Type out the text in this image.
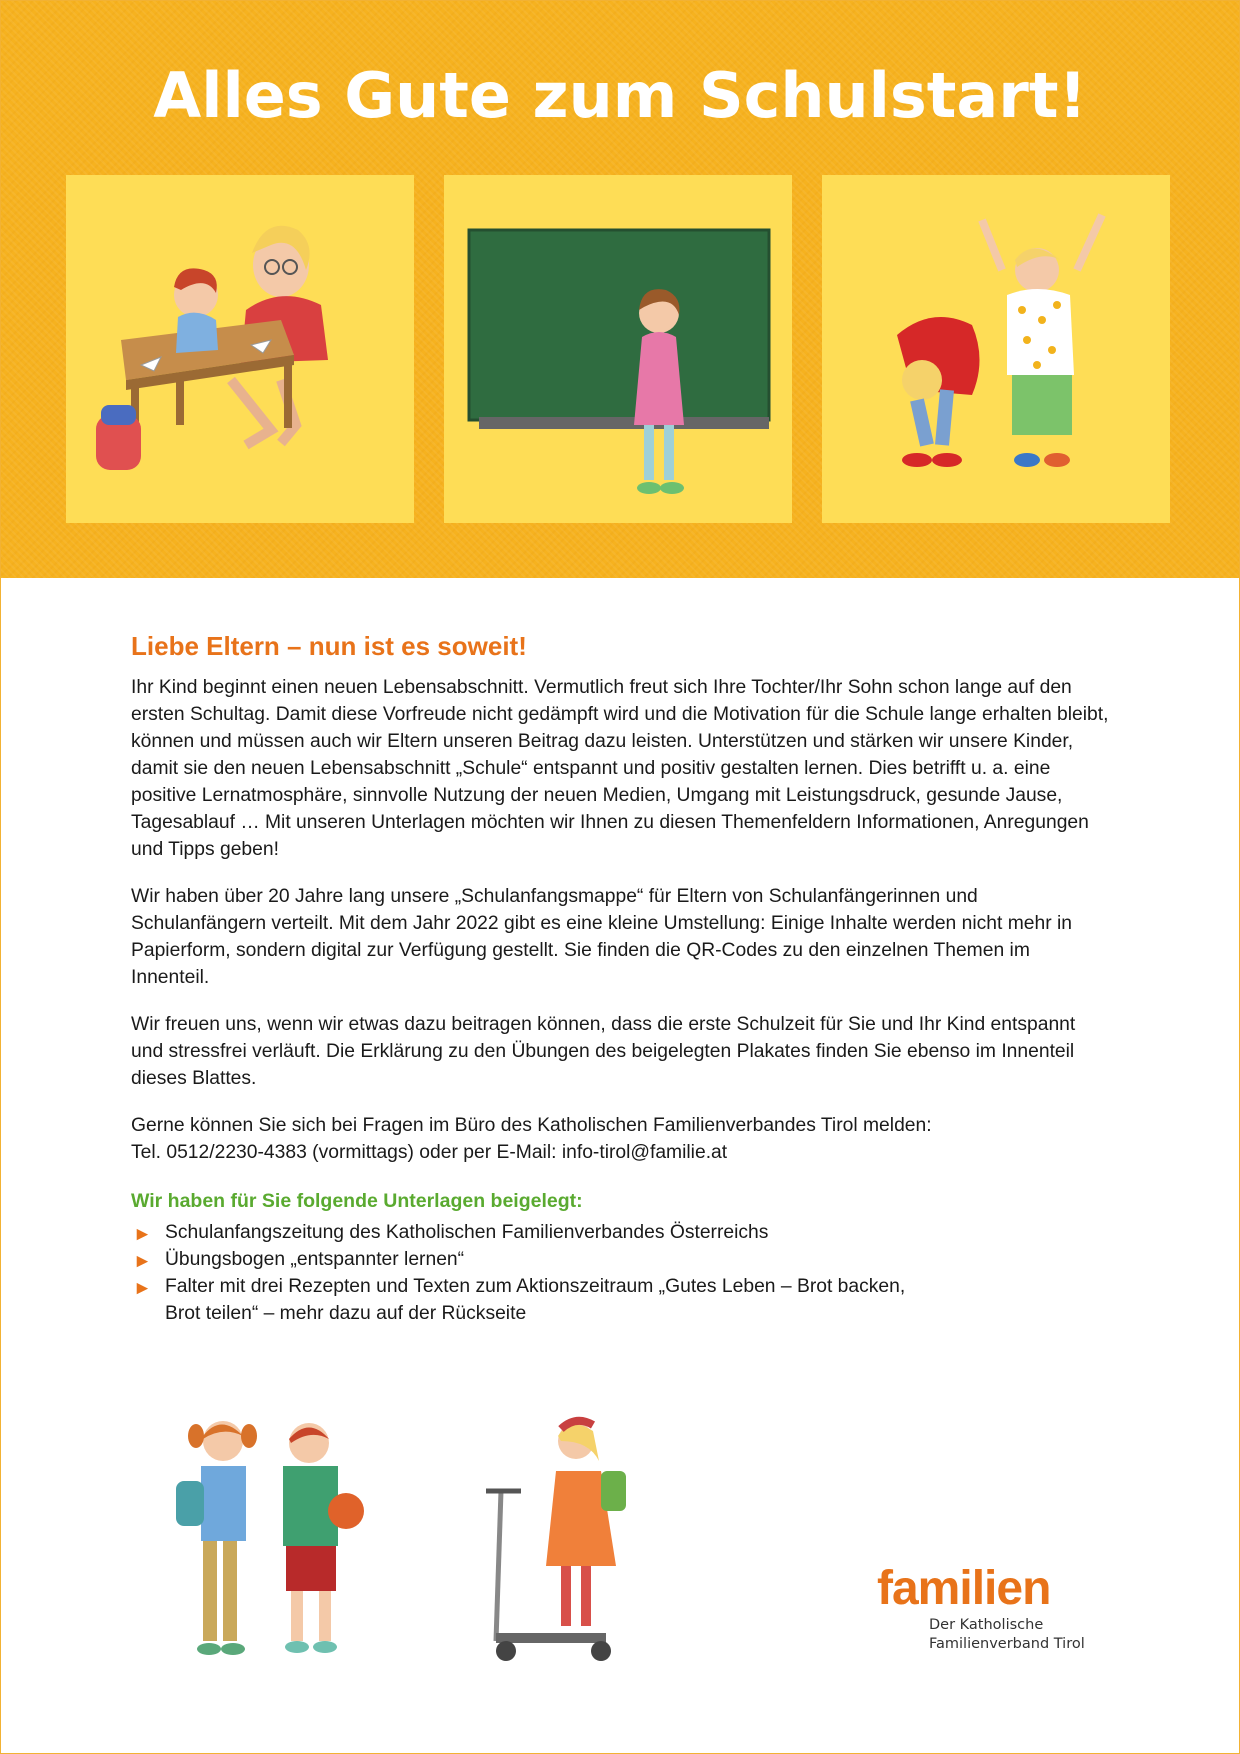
Alles Gute zum Schulstart!
Liebe Eltern – nun ist es soweit!

Ihr Kind beginnt einen neuen Lebensabschnitt. Vermutlich freut sich Ihre Tochter/Ihr Sohn schon lange auf den ersten Schultag. Damit diese Vorfreude nicht gedämpft wird und die Motivation für die Schule lange erhalten bleibt, können und müssen auch wir Eltern unseren Beitrag dazu leisten. Unterstützen und stärken wir unsere Kinder, damit sie den neuen Lebensabschnitt „Schule“ entspannt und positiv gestalten lernen. Dies betrifft u. a. eine positive Lernatmosphäre, sinnvolle Nutzung der neuen Medien, Umgang mit Leistungsdruck, gesunde Jause, Tagesablauf … Mit unseren Unterlagen möchten wir Ihnen zu diesen Themenfeldern Informationen, Anregungen und Tipps geben!

Wir haben über 20 Jahre lang unsere „Schulanfangsmappe“ für Eltern von Schulanfängerinnen und Schulanfängern verteilt. Mit dem Jahr 2022 gibt es eine kleine Umstellung: Einige Inhalte werden nicht mehr in Papierform, sondern digital zur Verfügung gestellt. Sie finden die QR-Codes zu den einzelnen Themen im Innenteil.

Wir freuen uns, wenn wir etwas dazu beitragen können, dass die erste Schulzeit für Sie und Ihr Kind entspannt und stressfrei verläuft. Die Erklärung zu den Übungen des beigelegten Plakates finden Sie ebenso im Innenteil dieses Blattes.

Gerne können Sie sich bei Fragen im Büro des Katholischen Familienverbandes Tirol melden:
Tel. 0512/2230-4383 (vormittags) oder per E-Mail: info-tirol@familie.at

Wir haben für Sie folgende Unterlagen beigelegt:
► Schulanfangszeitung des Katholischen Familienverbandes Österreichs
► Übungsbogen „entspannter lernen“
► Falter mit drei Rezepten und Texten zum Aktionszeitraum „Gutes Leben – Brot backen,
Brot teilen“ – mehr dazu auf der Rückseite
familien
Der Katholische
Familienverband Tirol
